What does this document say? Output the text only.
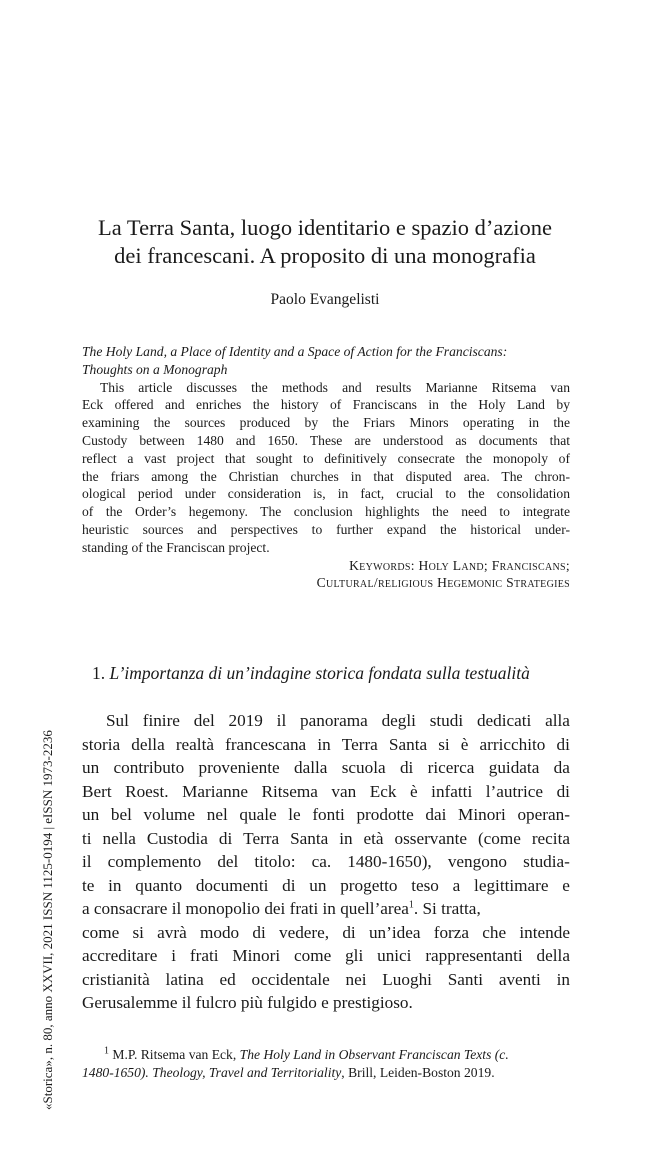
«Storica», n. 80, anno XXVII, 2021 ISSN 1125-0194 | eISSN 1973-2236
La Terra Santa, luogo identitario e spazio d’azione
dei francescani. A proposito di una monografia
Paolo Evangelisti
The Holy Land, a Place of Identity and a Space of Action for the Franciscans:
Thoughts on a Monograph
This article discusses the methods and results Marianne Ritsema van
Eck offered and enriches the history of Franciscans in the Holy Land by
examining the sources produced by the Friars Minors operating in the
Custody between 1480 and 1650. These are understood as documents that
reflect a vast project that sought to definitively consecrate the monopoly of
the friars among the Christian churches in that disputed area. The chron-
ological period under consideration is, in fact, crucial to the consolidation
of the Order’s hegemony. The conclusion highlights the need to integrate
heuristic sources and perspectives to further expand the historical under-
standing of the Franciscan project.
Keywords: Holy Land; Franciscans;
Cultural/religious Hegemonic Strategies
1. L’importanza di un’indagine storica fondata sulla testualità
Sul finire del 2019 il panorama degli studi dedicati alla
storia della realtà francescana in Terra Santa si è arricchito di
un contributo proveniente dalla scuola di ricerca guidata da
Bert Roest. Marianne Ritsema van Eck è infatti l’autrice di
un bel volume nel quale le fonti prodotte dai Minori operan-
ti nella Custodia di Terra Santa in età osservante (come recita
il complemento del titolo: ca. 1480-1650), vengono studia-
te in quanto documenti di un progetto teso a legittimare e
a consacrare il monopolio dei frati in quell’area$^1$. Si tratta,
come si avrà modo di vedere, di un’idea forza che intende
accreditare i frati Minori come gli unici rappresentanti della
cristianità latina ed occidentale nei Luoghi Santi aventi in
Gerusalemme il fulcro più fulgido e prestigioso.
$^1$ M.P. Ritsema van Eck, The Holy Land in Observant Franciscan Texts (c.
1480-1650). Theology, Travel and Territoriality, Brill, Leiden-Boston 2019.
